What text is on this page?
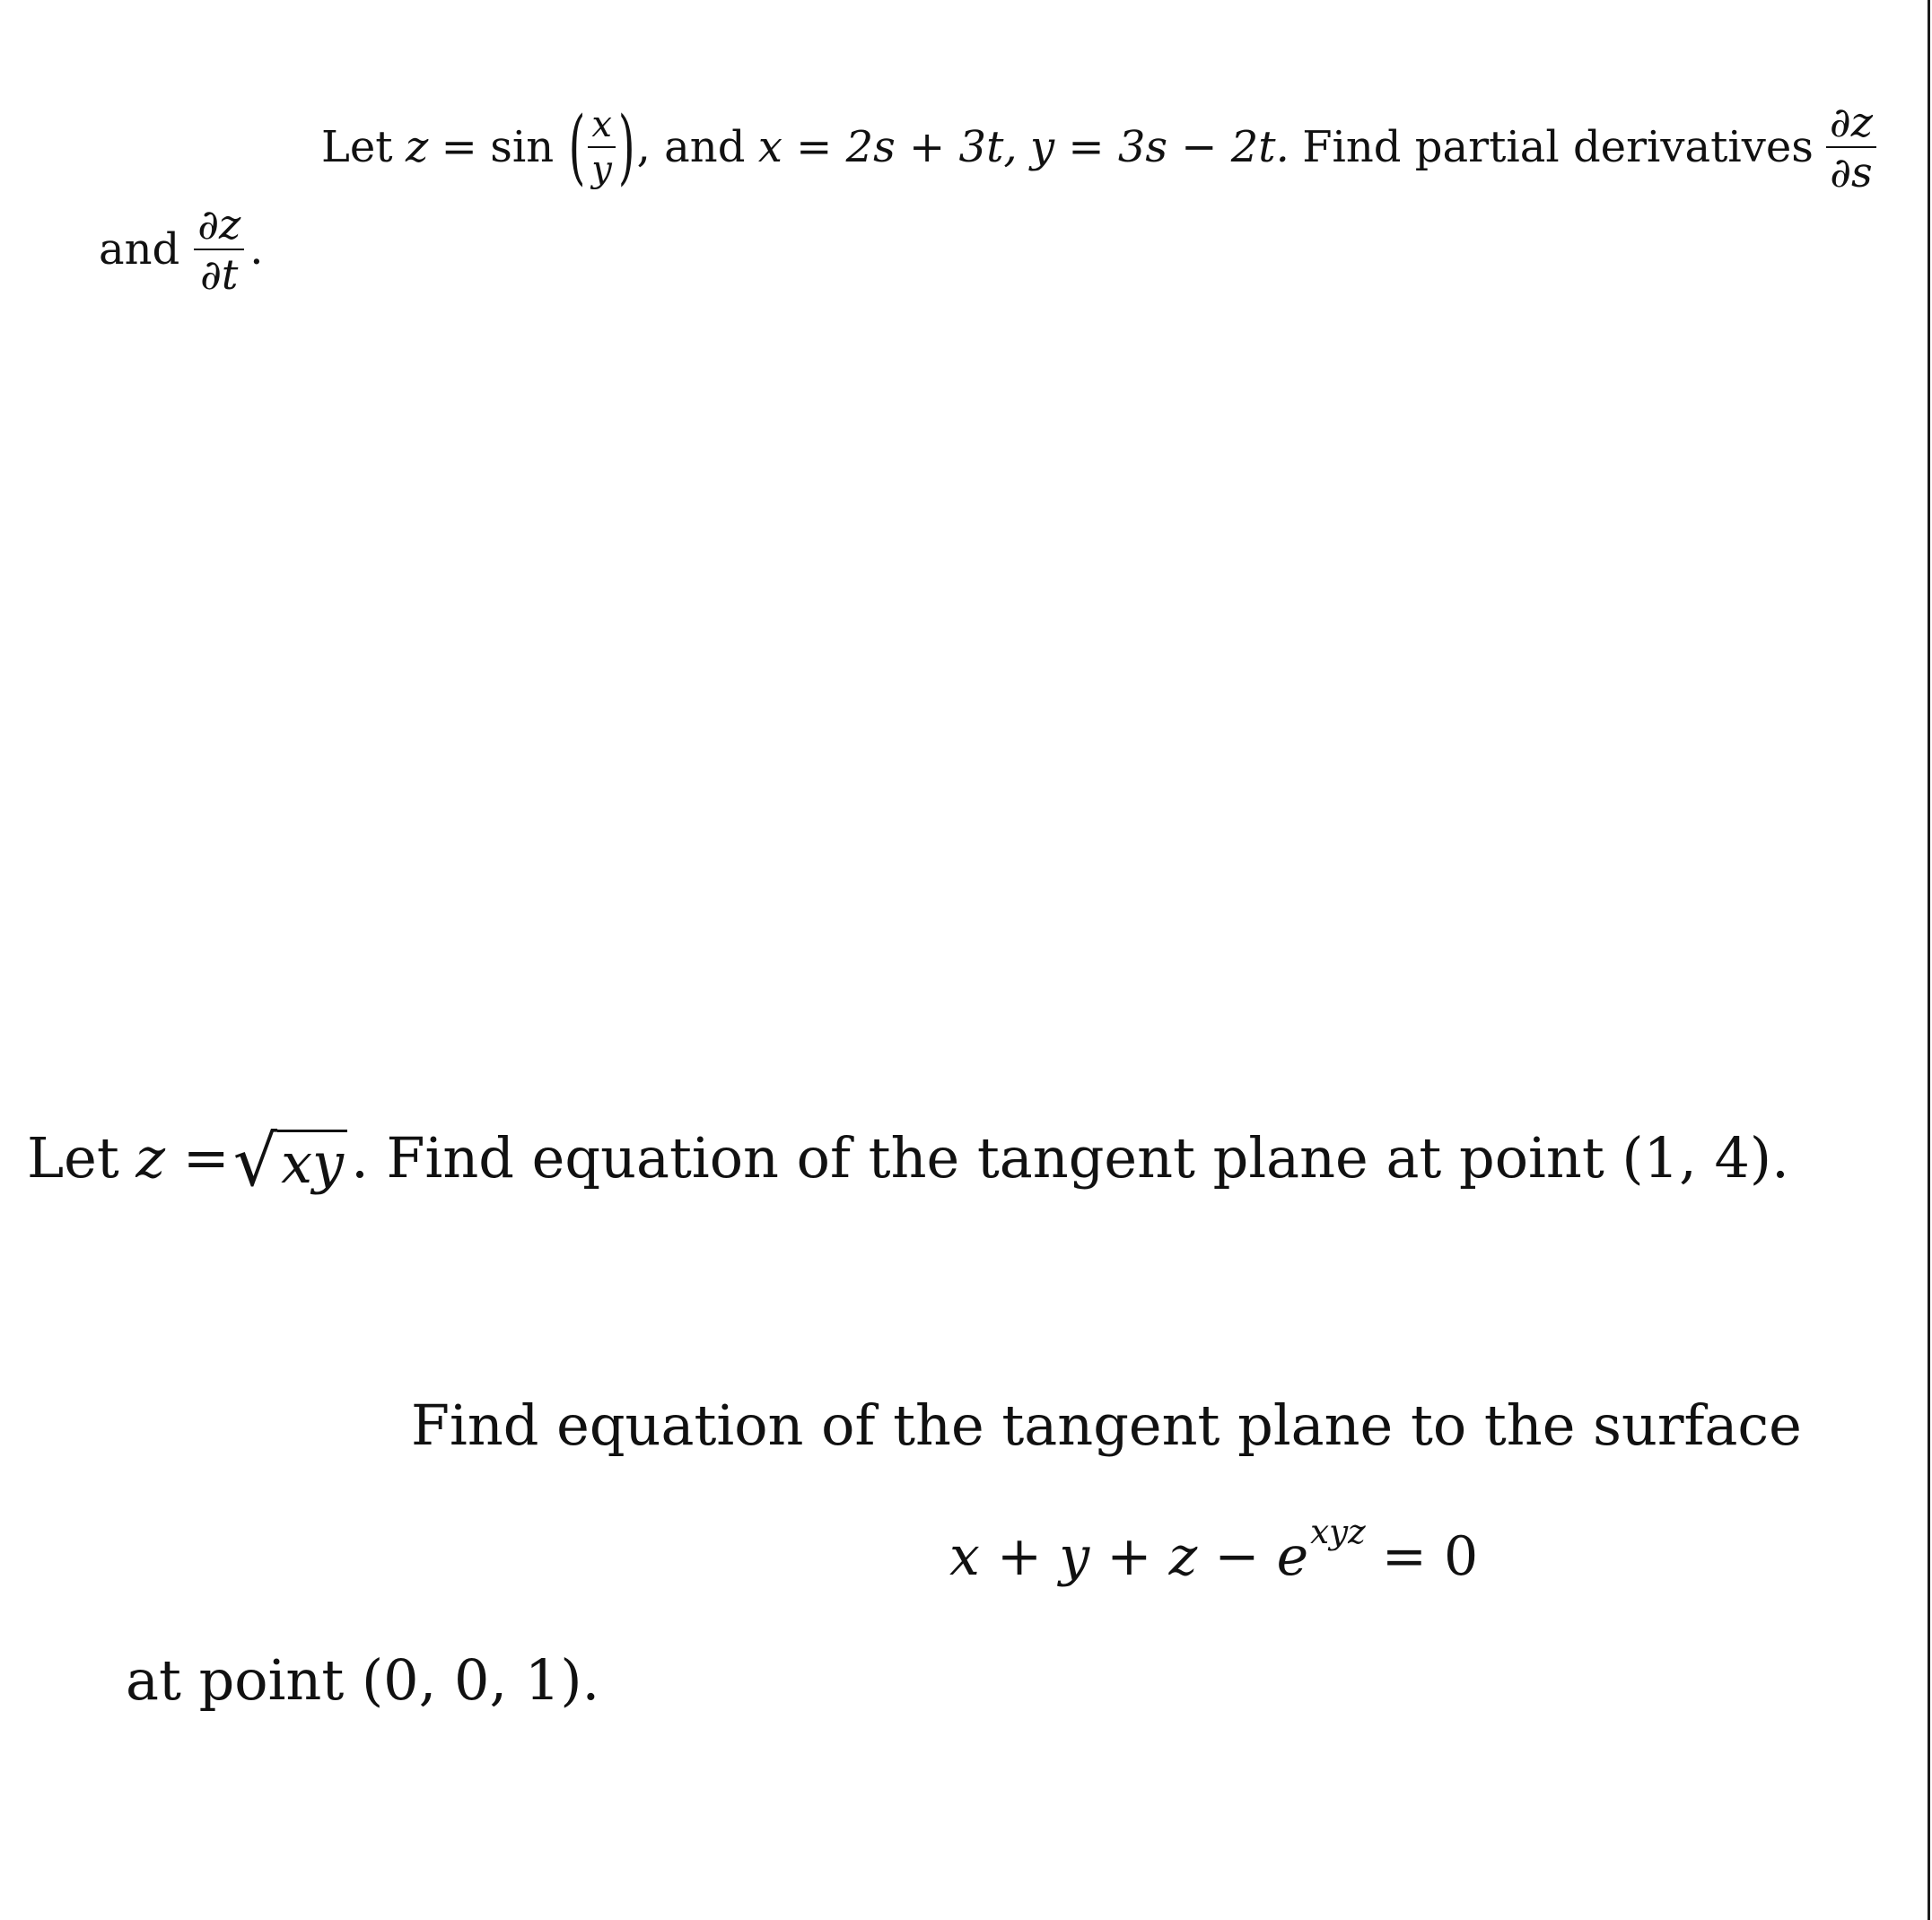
Let z = sin ( $\frac{x}{y}$ ) , and x = 2s + 3t, y = 3s − 2t. Find partial derivatives $\frac{\partial z}{\partial s}$
and $\frac{\partial z}{\partial t}$ .
Let z = √ xy . Find equation of the tangent plane at point (1, 4).
Find equation of the tangent plane to the surface
$x + y + z - e^{xyz} = 0$
at point (0, 0, 1).
